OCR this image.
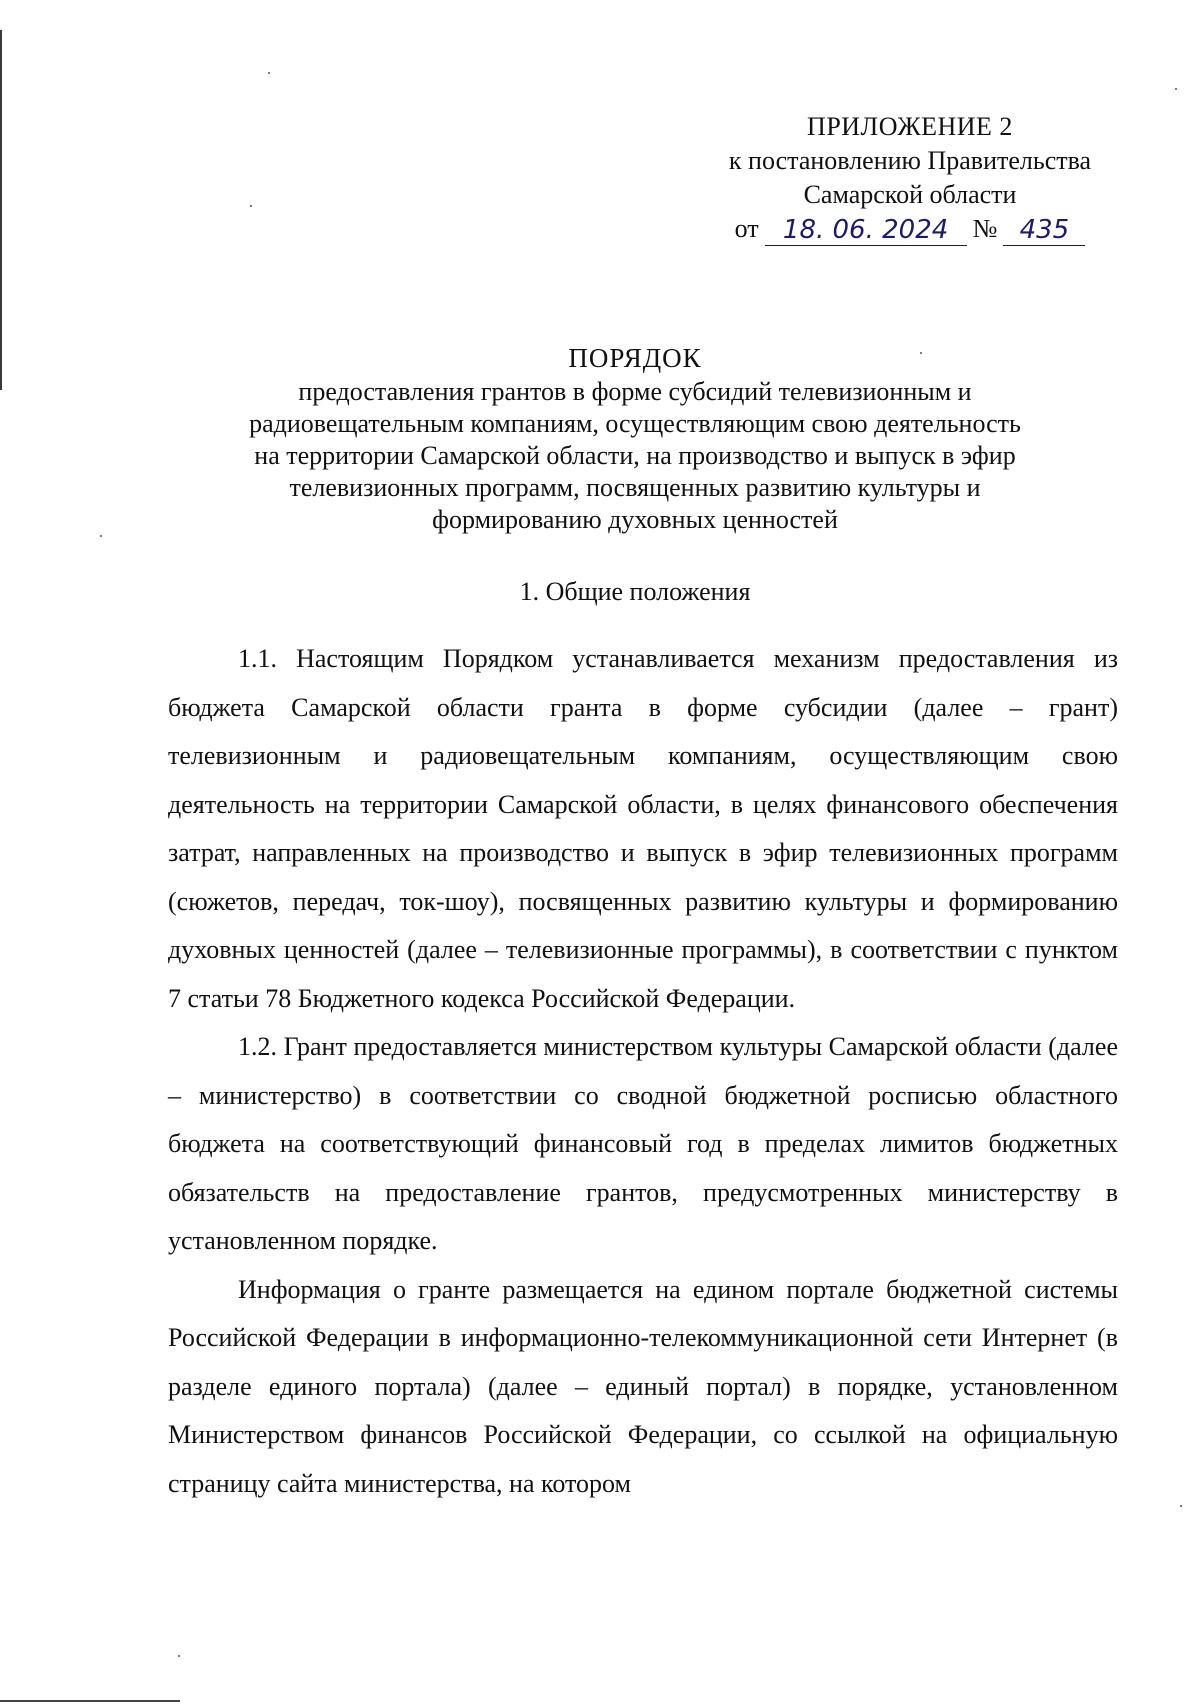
ПРИЛОЖЕНИЕ 2
к постановлению Правительства
Самарской области
от 18. 06. 2024 № 435
ПОРЯДОК
предоставления грантов в форме субсидий телевизионным и
радиовещательным компаниям, осуществляющим свою деятельность
на территории Самарской области, на производство и выпуск в эфир
телевизионных программ, посвященных развитию культуры и
формированию духовных ценностей
1. Общие положения

1.1. Настоящим Порядком устанавливается механизм предоставления из бюджета Самарской области гранта в форме субсидии (далее – грант) телевизионным и радиовещательным компаниям, осуществляющим свою деятельность на территории Самарской области, в целях финансового обеспечения затрат, направленных на производство и выпуск в эфир телевизионных программ (сюжетов, передач, ток-шоу), посвященных развитию культуры и формированию духовных ценностей (далее – телевизионные программы), в соответствии с пунктом 7 статьи 78 Бюджетного кодекса Российской Федерации.

1.2. Грант предоставляется министерством культуры Самарской области (далее – министерство) в соответствии со сводной бюджетной росписью областного бюджета на соответствующий финансовый год в пределах лимитов бюджетных обязательств на предоставление грантов, предусмотренных министерству в установленном порядке.

Информация о гранте размещается на едином портале бюджетной системы Российской Федерации в информационно-телекоммуникационной сети Интернет (в разделе единого портала) (далее – единый портал) в порядке, установленном Министерством финансов Российской Федерации, со ссылкой на официальную страницу сайта министерства, на котором
